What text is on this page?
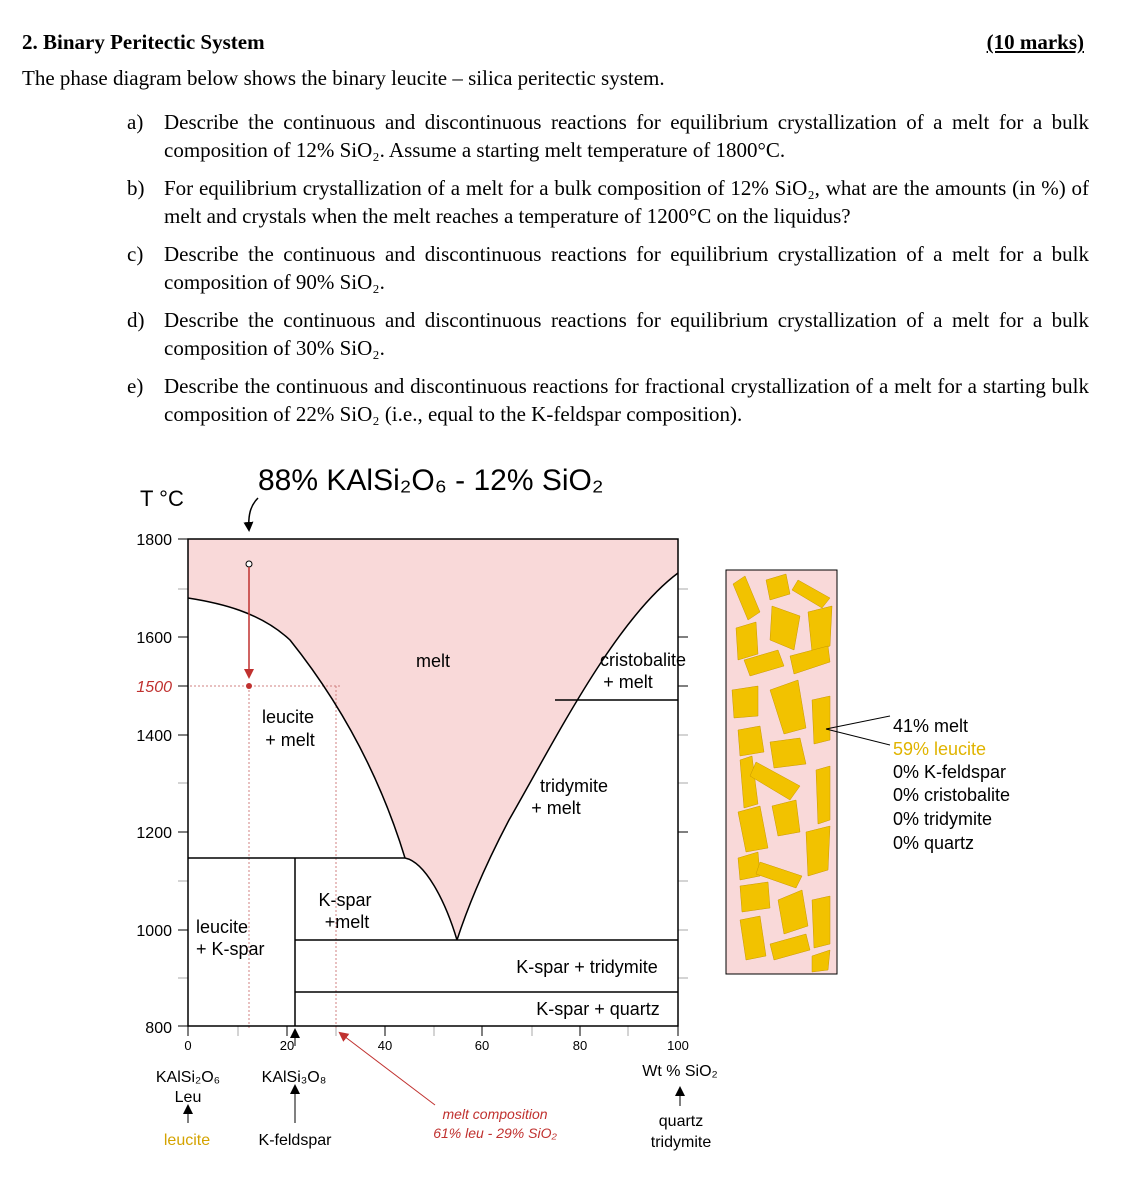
2. Binary Peritectic System	(10 marks)
The phase diagram below shows the binary leucite – silica peritectic system.
a) Describe the continuous and discontinuous reactions for equilibrium crystallization of a melt for a bulk composition of 12% SiO₂. Assume a starting melt temperature of 1800°C.
b) For equilibrium crystallization of a melt for a bulk composition of 12% SiO₂, what are the amounts (in %) of melt and crystals when the melt reaches a temperature of 1200°C on the liquidus?
c) Describe the continuous and discontinuous reactions for equilibrium crystallization of a melt for a bulk composition of 90% SiO₂.
d) Describe the continuous and discontinuous reactions for equilibrium crystallization of a melt for a bulk composition of 30% SiO₂.
e) Describe the continuous and discontinuous reactions for fractional crystallization of a melt for a starting bulk composition of 22% SiO₂ (i.e., equal to the K-feldspar composition).
T °C
1800
1600
1500
1400
1200
1000
800
0	20	40	60	80	100
Wt % SiO₂
88% KAlSi₂O₆ - 12% SiO₂
melt	cristobalite
+ melt
leucite
+ melt
tridymite
+ melt
K-spar
+melt
leucite
+ K-spar
K-spar + tridymite
K-spar + quartz
KAlSi₂O₆
Leu
leucite
KAlSi₃O₈
K-feldspar
quartz
tridymite
melt composition
61% leu - 29% SiO₂
41% melt
59% leucite
0% K-feldspar
0% cristobalite
0% tridymite
0% quartz
